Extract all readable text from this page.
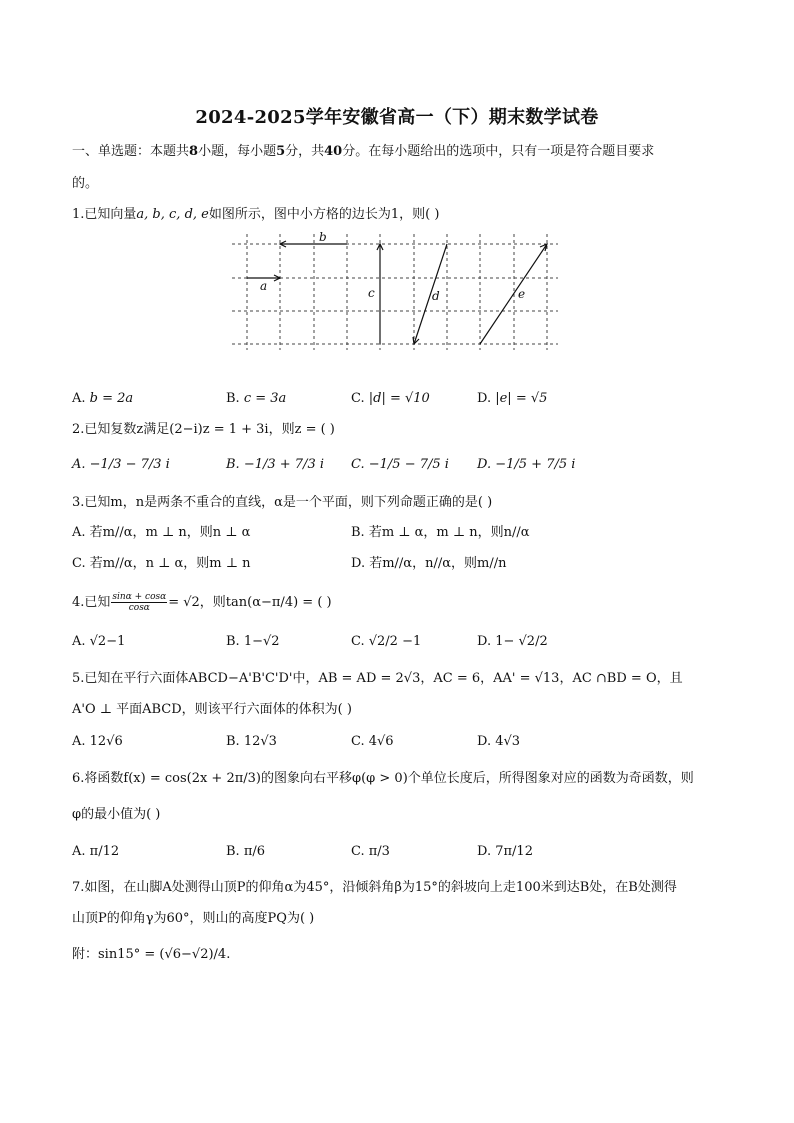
2024-2025学年安徽省高一（下）期末数学试卷
一、单选题：本题共8小题，每小题5分，共40分。在每小题给出的选项中，只有一项是符合题目要求
的。
1.已知向量a, b, c, d, e如图所示，图中小方格的边长为1，则( )
a
b
c	d	e
A. b = 2a	B. c = 3a	C. |d| = √10	D. |e| = √5
2.已知复数z满足(2−i)z = 1 + 3i，则z = ( )
A. −1/3 − 7/3 i	B. −1/3 + 7/3 i C. −1/5 − 7/5 i D. −1/5 + 7/5 i
3.已知m，n是两条不重合的直线，α是一个平面，则下列命题正确的是( )
A. 若m//α，m ⊥ n，则n ⊥ α	B. 若m ⊥ α，m ⊥ n，则n//α
C. 若m//α，n ⊥ α，则m ⊥ n	D. 若m//α，n//α，则m//n
4.已知 $\frac{\sin\alpha + \cos\alpha}{\cos\alpha} = √2$，则tan(α−π/4) = ( )
A. √2−1	B. 1−√2	C. √2/2 −1	D. 1− √2/2
5.已知在平行六面体ABCD−A'B'C'D'中，AB = AD = 2√3，AC = 6，AA' = √13，AC ∩BD = O，且
A'O ⊥ 平面ABCD，则该平行六面体的体积为( )
A. 12√6	B. 12√3	C. 4√6	D. 4√3
6.将函数f(x) = cos(2x + 2π/3)的图象向右平移φ(φ > 0)个单位长度后，所得图象对应的函数为奇函数，则
φ的最小值为( )
A. π/12	B. π/6	C. π/3	D. 7π/12
7.如图，在山脚A处测得山顶P的仰角α为45°，沿倾斜角β为15°的斜坡向上走100米到达B处，在B处测得
山顶P的仰角γ为60°，则山的高度PQ为( )
附：sin15° = (√6−√2)/4.
